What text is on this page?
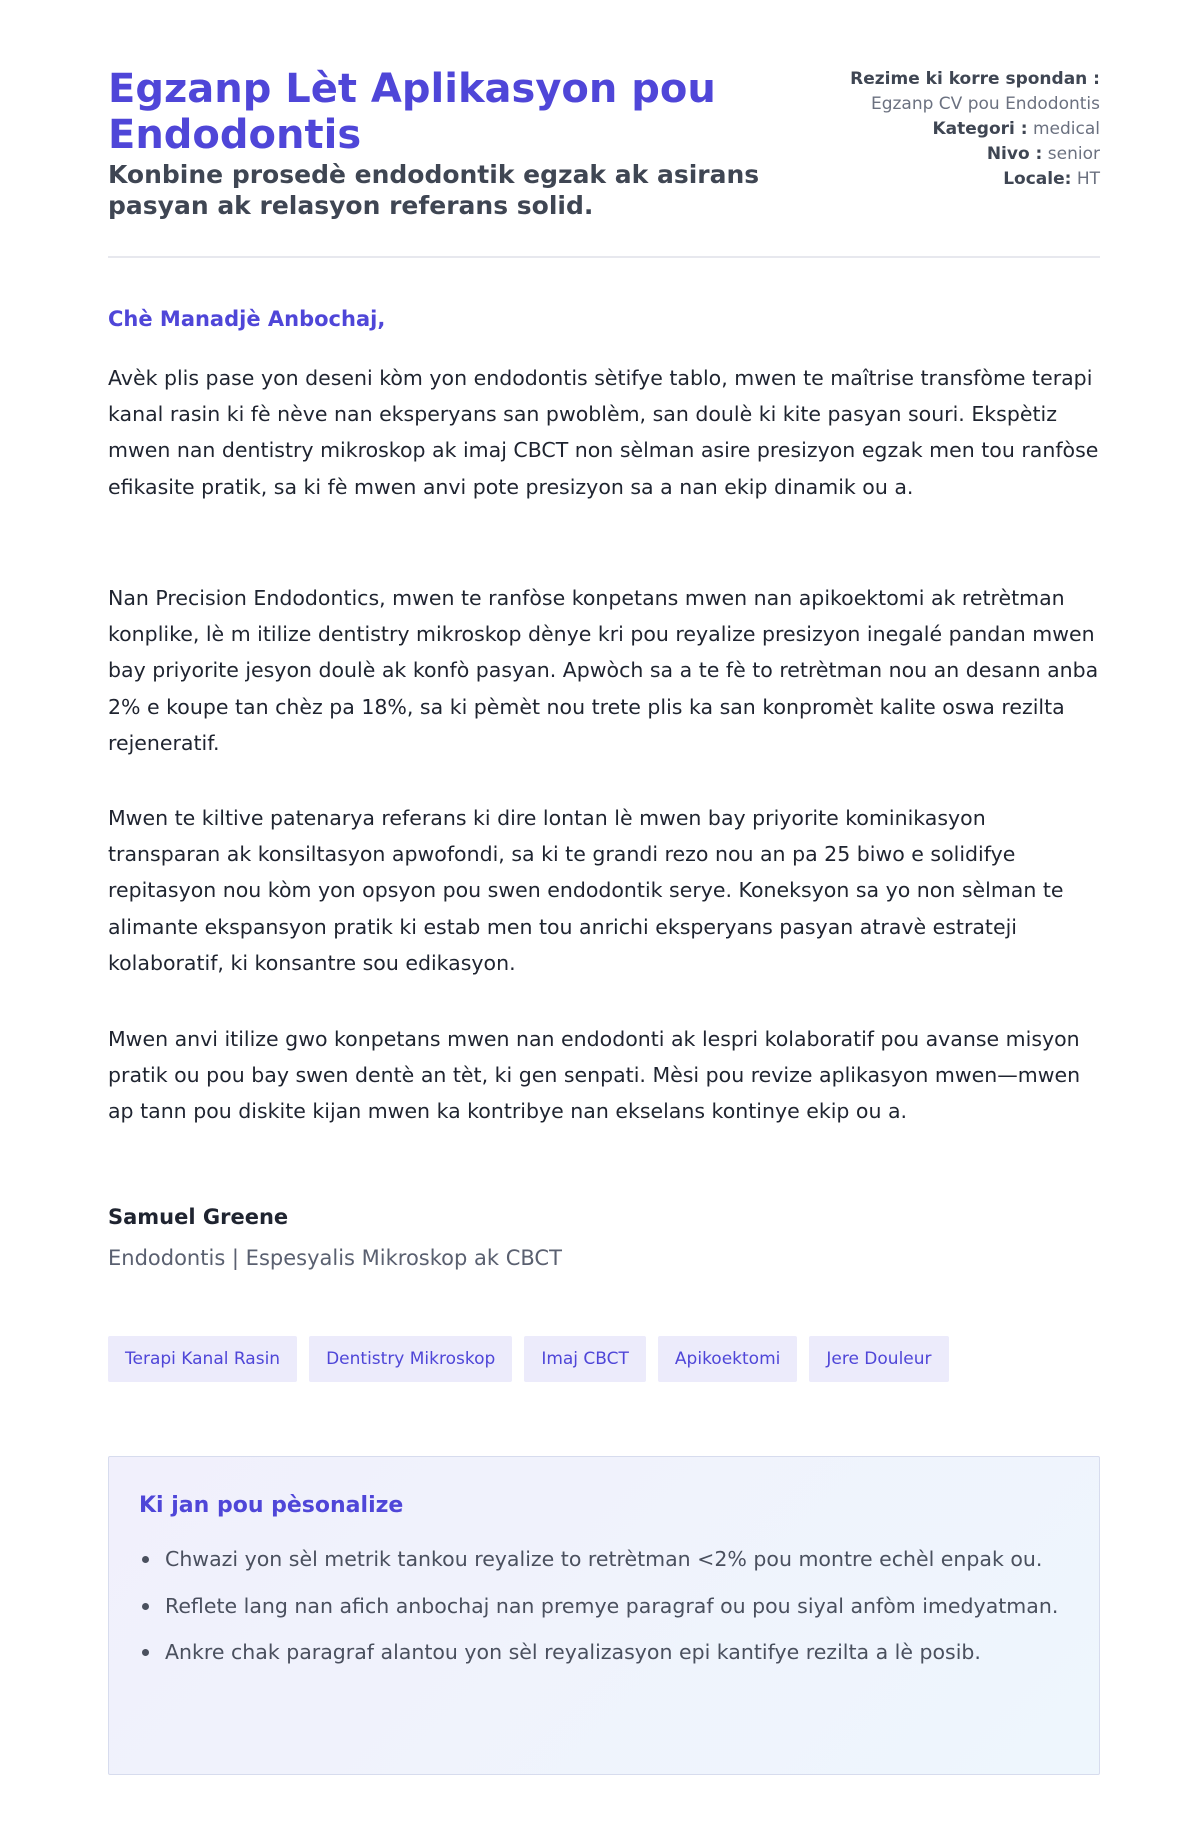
Egzanp Lèt Aplikasyon pou Endodontis
Konbine prosedè endodontik egzak ak asirans pasyan ak relasyon referans solid.
Rezime ki korre spondan :
Egzanp CV pou Endodontis
Kategori : medical
Nivo : senior
Locale: HT

Chè Manadjè Anbochaj,

Avèk plis pase yon deseni kòm yon endodontis sètifye tablo, mwen te maîtrise transfòme terapi kanal rasin ki fè nève nan eksperyans san pwoblèm, san doulè ki kite pasyan souri. Ekspètiz mwen nan dentistry mikroskop ak imaj CBCT non sèlman asire presizyon egzak men tou ranfòse efikasite pratik, sa ki fè mwen anvi pote presizyon sa a nan ekip dinamik ou a.

Nan Precision Endodontics, mwen te ranfòse konpetans mwen nan apikoektomi ak retrètman konplike, lè m itilize dentistry mikroskop dènye kri pou reyalize presizyon inegalé pandan mwen bay priyorite jesyon doulè ak konfò pasyan. Apwòch sa a te fè to retrètman nou an desann anba 2% e koupe tan chèz pa 18%, sa ki pèmèt nou trete plis ka san konpromèt kalite oswa rezilta rejeneratif.

Mwen te kiltive patenarya referans ki dire lontan lè mwen bay priyorite kominikasyon transparan ak konsiltasyon apwofondi, sa ki te grandi rezo nou an pa 25 biwo e solidifye repitasyon nou kòm yon opsyon pou swen endodontik serye. Koneksyon sa yo non sèlman te alimante ekspansyon pratik ki estab men tou anrichi eksperyans pasyan atravè estrateji kolaboratif, ki konsantre sou edikasyon.

Mwen anvi itilize gwo konpetans mwen nan endodonti ak lespri kolaboratif pou avanse misyon pratik ou pou bay swen dentè an tèt, ki gen senpati. Mèsi pou revize aplikasyon mwen—mwen ap tann pou diskite kijan mwen ka kontribye nan ekselans kontinye ekip ou a.

Samuel Greene

Endodontis | Espesyalis Mikroskop ak CBCT

Terapi Kanal Rasin	Dentistry Mikroskop	Imaj CBCT	Apikoektomi	Jere Douleur
Ki jan pou pèsonalize
Chwazi yon sèl metrik tankou reyalize to retrètman <2% pou montre echèl enpak ou.
Reflete lang nan afich anbochaj nan premye paragraf ou pou siyal anfòm imedyatman.
Ankre chak paragraf alantou yon sèl reyalizasyon epi kantifye rezilta a lè posib.
